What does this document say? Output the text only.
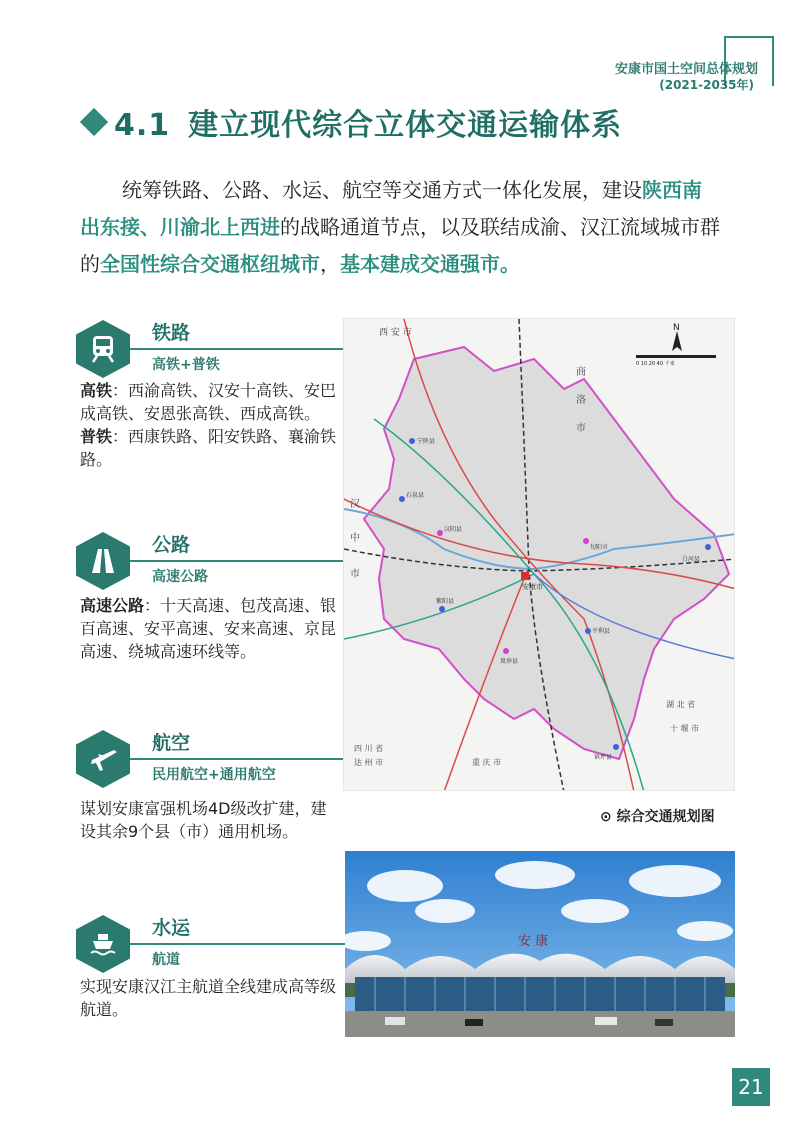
安康市国土空间总体规划
(2021-2035年)
4.1 建立现代综合立体交通运输体系
统筹铁路、公路、水运、航空等交通方式一体化发展，建设陕西南出东接、川渝北上西进的战略通道节点，以及联结成渝、汉江流域城市群的全国性综合交通枢纽城市，基本建成交通强市。
铁路
高铁+普铁
高铁：西渝高铁、汉安十高铁、安巴成高铁、安恩张高铁、西成高铁。
普铁：西康铁路、阳安铁路、襄渝铁路。
公路
高速公路
高速公路：十天高速、包茂高速、银百高速、安平高速、安来高速、京昆高速、绕城高速环线等。
航空
民用航空+通用航空
谋划安康富强机场4D级改扩建，建设其余9个县（市）通用机场。
水运
航道
实现安康汉江主航道全线建成高等级航道。
N
0 10 20 40 千米
西 安 市
商
洛
市
汉
中
市
四 川 省
达 州 市	重 庆 市
湖 北 省
十 堰 市
宁陕县
石泉县
汉阴县
旬阳市
白河县
安康市
紫阳县
平利县
岚皋县
镇坪县
⊙ 综合交通规划图
安 康
21
